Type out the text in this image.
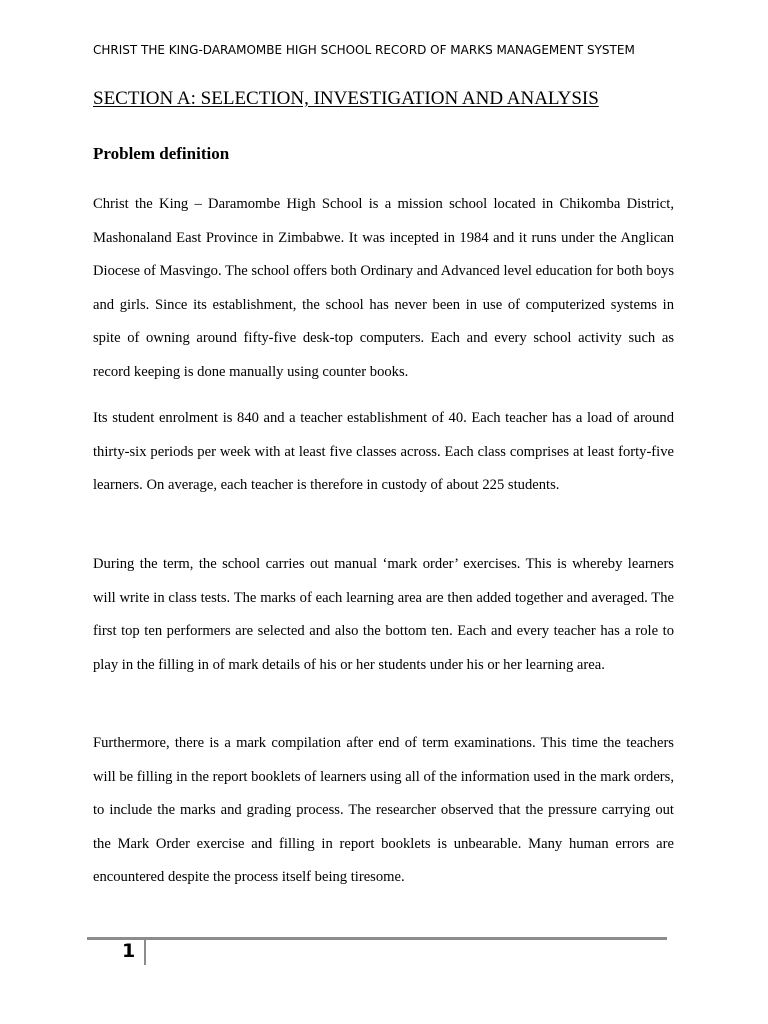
CHRIST THE KING-DARAMOMBE HIGH SCHOOL RECORD OF MARKS MANAGEMENT SYSTEM
SECTION A: SELECTION, INVESTIGATION AND ANALYSIS
Problem definition

Christ the King – Daramombe High School is a mission school located in Chikomba District, Mashonaland East Province in Zimbabwe. It was incepted in 1984 and it runs under the Anglican Diocese of Masvingo. The school offers both Ordinary and Advanced level education for both boys and girls. Since its establishment, the school has never been in use of computerized systems in spite of owning around fifty-five desk-top computers. Each and every school activity such as record keeping is done manually using counter books.

Its student enrolment is 840 and a teacher establishment of 40. Each teacher has a load of around thirty-six periods per week with at least five classes across. Each class comprises at least forty-five learners. On average, each teacher is therefore in custody of about 225 students.

During the term, the school carries out manual ‘mark order’ exercises. This is whereby learners will write in class tests. The marks of each learning area are then added together and averaged. The first top ten performers are selected and also the bottom ten. Each and every teacher has a role to play in the filling in of mark details of his or her students under his or her learning area.

Furthermore, there is a mark compilation after end of term examinations. This time the teachers will be filling in the report booklets of learners using all of the information used in the mark orders, to include the marks and grading process. The researcher observed that the pressure carrying out the Mark Order exercise and filling in report booklets is unbearable. Many human errors are encountered despite the process itself being tiresome.

1
